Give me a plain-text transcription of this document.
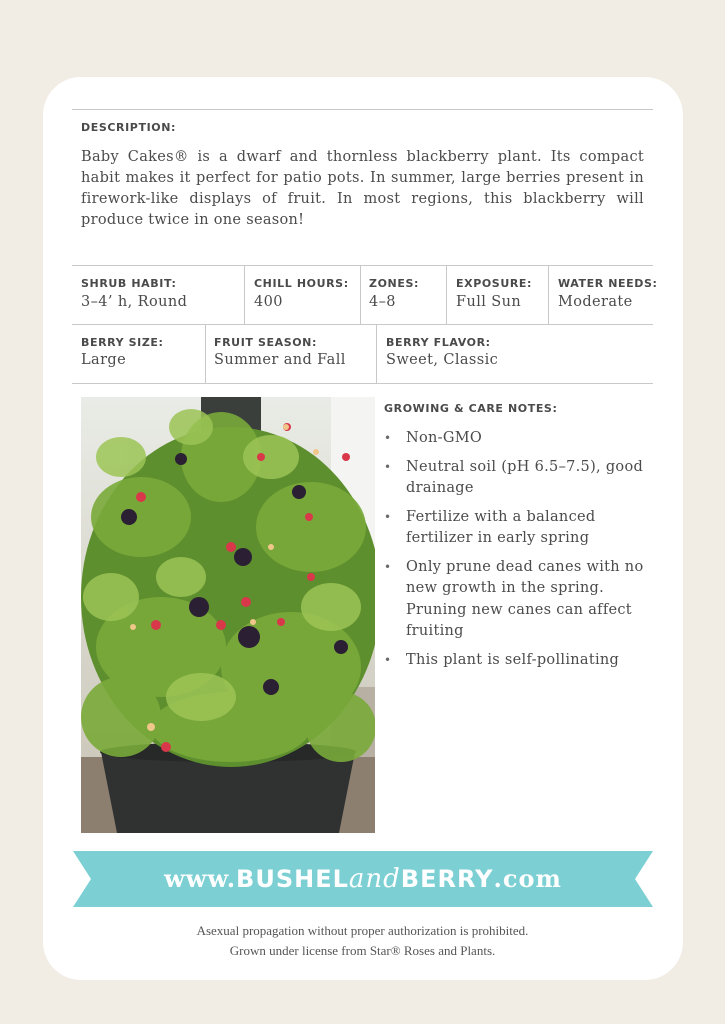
DESCRIPTION:

Baby Cakes® is a dwarf and thornless blackberry plant. Its compact habit makes it perfect for patio pots. In summer, large berries present in firework-like displays of fruit. In most regions, this blackberry will produce twice in one season!

SHRUB HABIT:
3–4’ h, Round
CHILL HOURS:
400
ZONES:
4–8
EXPOSURE:
Full Sun
WATER NEEDS:
Moderate
BERRY SIZE:
Large
FRUIT SEASON:
Summer and Fall
BERRY FLAVOR:
Sweet, Classic
GROWING & CARE NOTES:
• Non-GMO
• Neutral soil (pH 6.5–7.5), good drainage
• Fertilize with a balanced fertilizer in early spring
• Only prune dead canes with no new growth in the spring. Pruning new canes can affect fruiting
• This plant is self-pollinating
www.BUSHELandBERRY.com
Asexual propagation without proper authorization is prohibited.
Grown under license from Star® Roses and Plants.
